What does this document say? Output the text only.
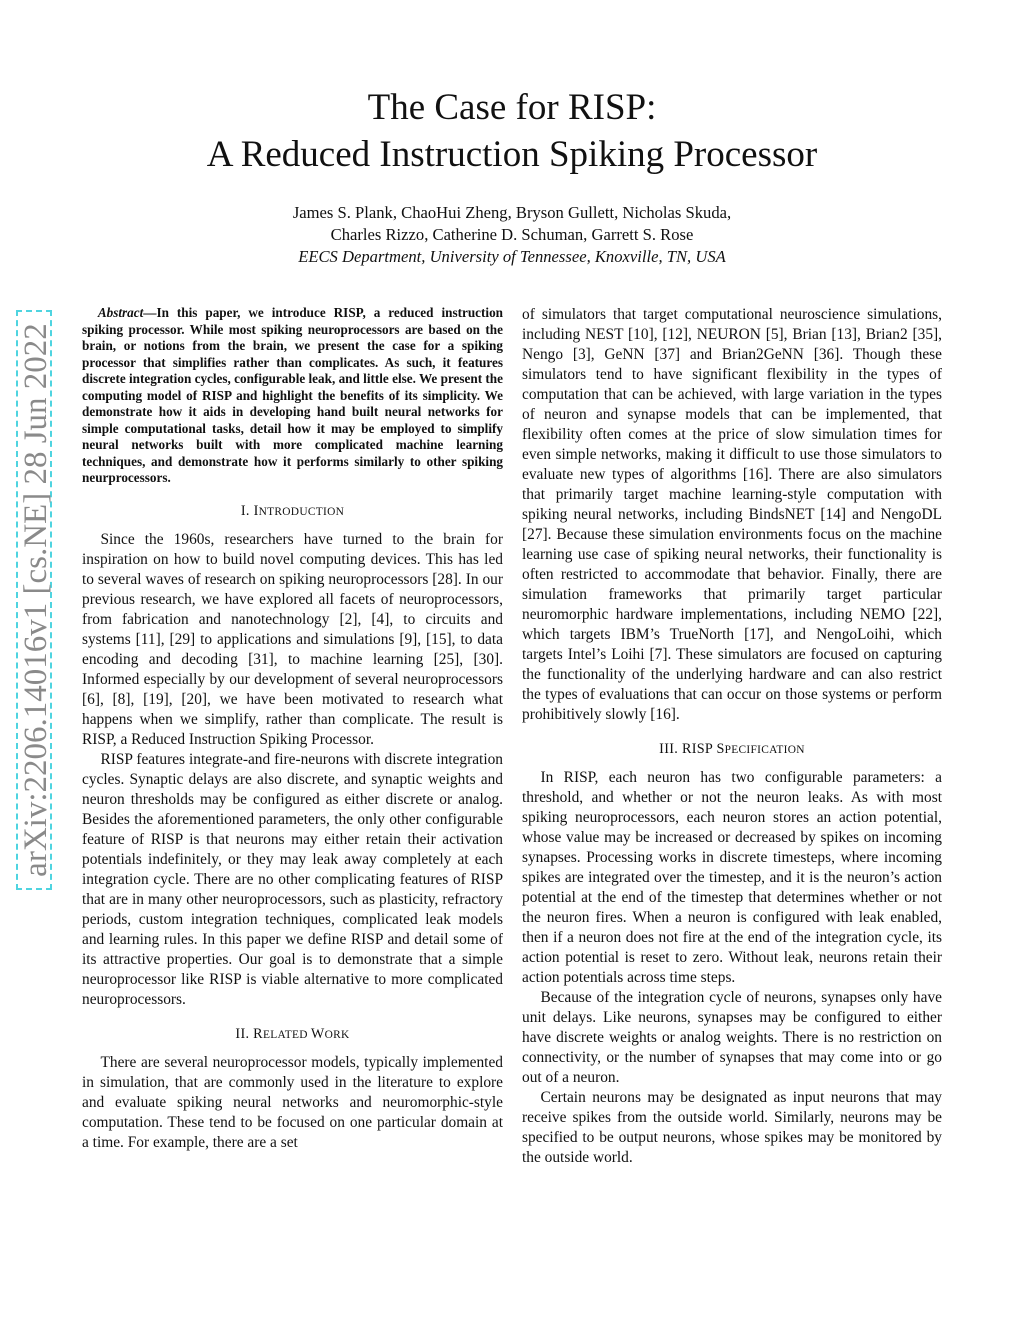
arXiv:2206.14016v1 [cs.NE] 28 Jun 2022
The Case for RISP:
A Reduced Instruction Spiking Processor
James S. Plank, ChaoHui Zheng, Bryson Gullett, Nicholas Skuda,
Charles Rizzo, Catherine D. Schuman, Garrett S. Rose
EECS Department, University of Tennessee, Knoxville, TN, USA

Abstract—In this paper, we introduce RISP, a reduced instruction spiking processor. While most spiking neuroprocessors are based on the brain, or notions from the brain, we present the case for a spiking processor that simplifies rather than complicates. As such, it features discrete integration cycles, configurable leak, and little else. We present the computing model of RISP and highlight the benefits of its simplicity. We demonstrate how it aids in developing hand built neural networks for simple computational tasks, detail how it may be employed to simplify neural networks built with more complicated machine learning techniques, and demonstrate how it performs similarly to other spiking neurprocessors.

I. INTRODUCTION

Since the 1960s, researchers have turned to the brain for inspiration on how to build novel computing devices. This has led to several waves of research on spiking neuroprocessors [28]. In our previous research, we have explored all facets of neuroprocessors, from fabrication and nanotechnology [2], [4], to circuits and systems [11], [29] to applications and simulations [9], [15], to data encoding and decoding [31], to machine learning [25], [30]. Informed especially by our development of several neuroprocessors [6], [8], [19], [20], we have been motivated to research what happens when we simplify, rather than complicate. The result is RISP, a Reduced Instruction Spiking Processor.

RISP features integrate-and fire-neurons with discrete integration cycles. Synaptic delays are also discrete, and synaptic weights and neuron thresholds may be configured as either discrete or analog. Besides the aforementioned parameters, the only other configurable feature of RISP is that neurons may either retain their activation potentials indefinitely, or they may leak away completely at each integration cycle. There are no other complicating features of RISP that are in many other neuroprocessors, such as plasticity, refractory periods, custom integration techniques, complicated leak models and learning rules. In this paper we define RISP and detail some of its attractive properties. Our goal is to demonstrate that a simple neuroprocessor like RISP is viable alternative to more complicated neuroprocessors.

II. RELATED WORK

There are several neuroprocessor models, typically implemented in simulation, that are commonly used in the literature to explore and evaluate spiking neural networks and neuromorphic-style computation. These tend to be focused on one particular domain at a time. For example, there are a set

of simulators that target computational neuroscience simulations, including NEST [10], [12], NEURON [5], Brian [13], Brian2 [35], Nengo [3], GeNN [37] and Brian2GeNN [36]. Though these simulators tend to have significant flexibility in the types of computation that can be achieved, with large variation in the types of neuron and synapse models that can be implemented, that flexibility often comes at the price of slow simulation times for even simple networks, making it difficult to use those simulators to evaluate new types of algorithms [16]. There are also simulators that primarily target machine learning-style computation with spiking neural networks, including BindsNET [14] and NengoDL [27]. Because these simulation environments focus on the machine learning use case of spiking neural networks, their functionality is often restricted to accommodate that behavior. Finally, there are simulation frameworks that primarily target particular neuromorphic hardware implementations, including NEMO [22], which targets IBM’s TrueNorth [17], and NengoLoihi, which targets Intel’s Loihi [7]. These simulators are focused on capturing the functionality of the underlying hardware and can also restrict the types of evaluations that can occur on those systems or perform prohibitively slowly [16].

III. RISP SPECIFICATION

In RISP, each neuron has two configurable parameters: a threshold, and whether or not the neuron leaks. As with most spiking neuroprocessors, each neuron stores an action potential, whose value may be increased or decreased by spikes on incoming synapses. Processing works in discrete timesteps, where incoming spikes are integrated over the timestep, and it is the neuron’s action potential at the end of the timestep that determines whether or not the neuron fires. When a neuron is configured with leak enabled, then if a neuron does not fire at the end of the integration cycle, its action potential is reset to zero. Without leak, neurons retain their action potentials across time steps.

Because of the integration cycle of neurons, synapses only have unit delays. Like neurons, synapses may be configured to either have discrete weights or analog weights. There is no restriction on connectivity, or the number of synapses that may come into or go out of a neuron.

Certain neurons may be designated as input neurons that may receive spikes from the outside world. Similarly, neurons may be specified to be output neurons, whose spikes may be monitored by the outside world.
